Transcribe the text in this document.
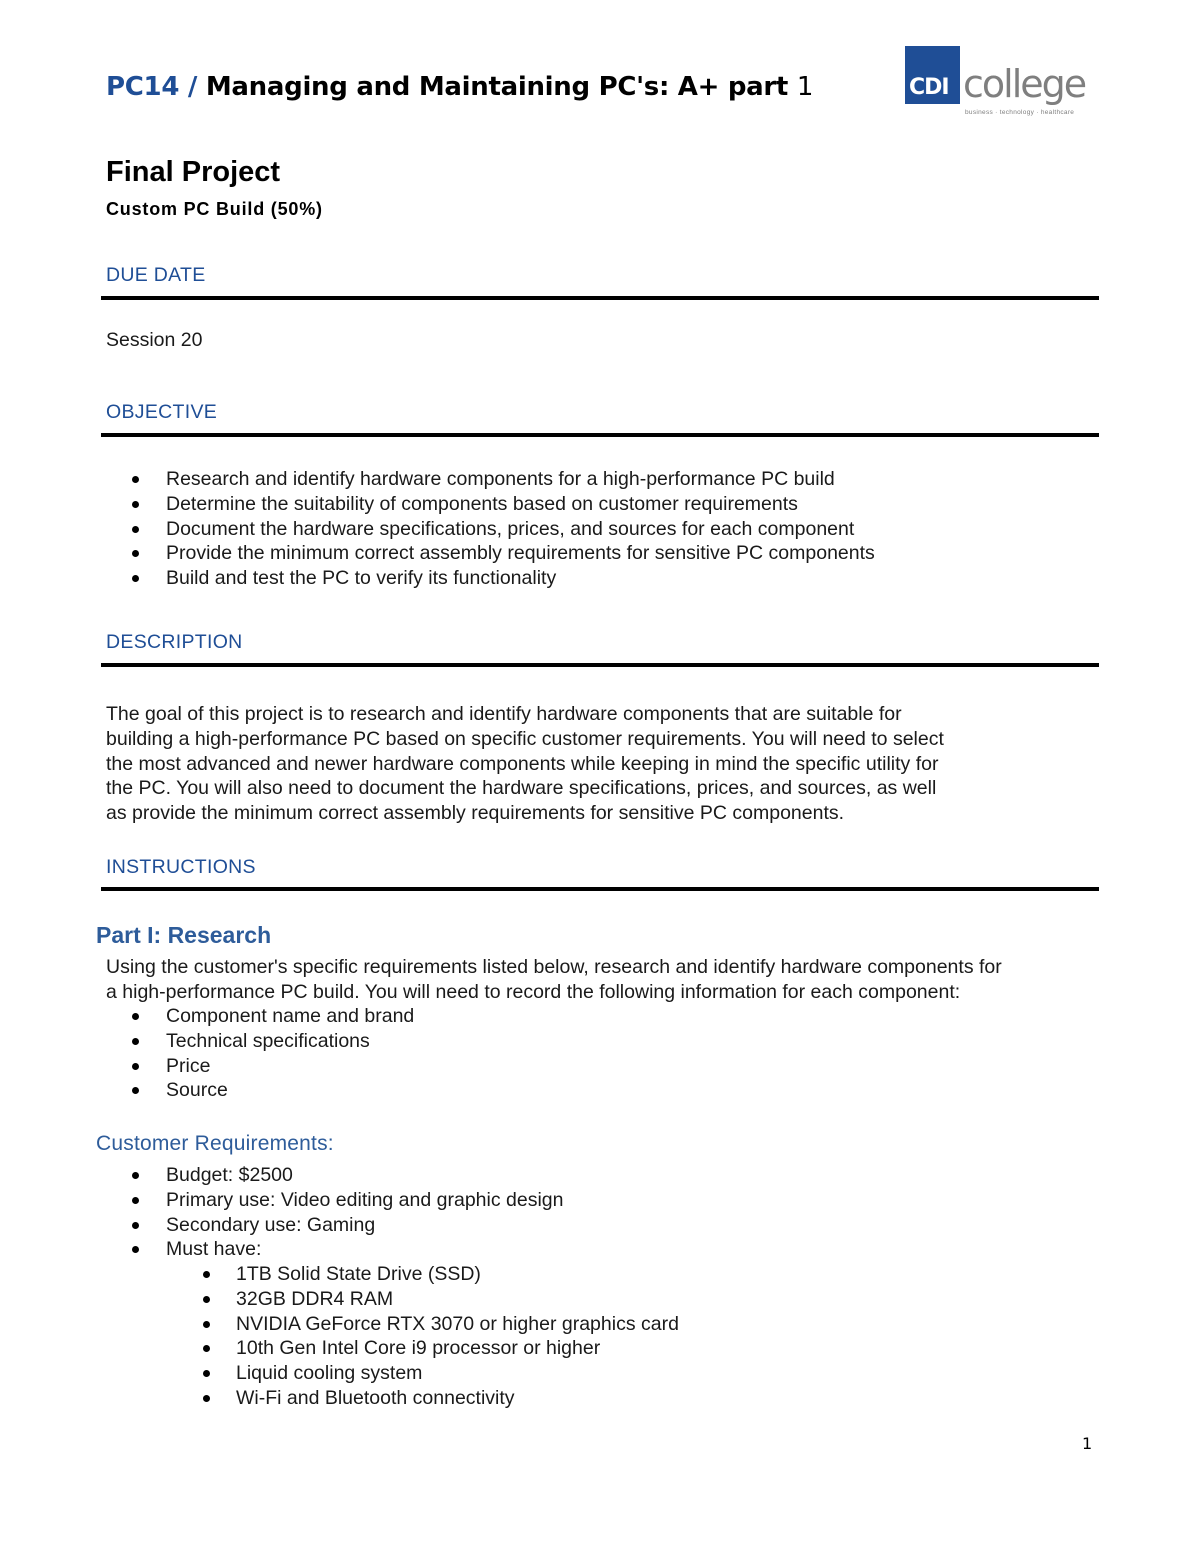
PC14 / Managing and Maintaining PC's: A+ part 1	CDI college
business · technology · healthcare
Final Project
Custom PC Build (50%)
DUE DATE
Session 20
OBJECTIVE
Research and identify hardware components for a high-performance PC build
Determine the suitability of components based on customer requirements
Document the hardware specifications, prices, and sources for each component
Provide the minimum correct assembly requirements for sensitive PC components
Build and test the PC to verify its functionality
DESCRIPTION
The goal of this project is to research and identify hardware components that are suitable for
building a high-performance PC based on specific customer requirements. You will need to select
the most advanced and newer hardware components while keeping in mind the specific utility for
the PC. You will also need to document the hardware specifications, prices, and sources, as well
as provide the minimum correct assembly requirements for sensitive PC components.
INSTRUCTIONS
Part I: Research
Using the customer's specific requirements listed below, research and identify hardware components for
a high-performance PC build. You will need to record the following information for each component:
Component name and brand
Technical specifications
Price
Source
Customer Requirements:
Budget: $2500
Primary use: Video editing and graphic design
Secondary use: Gaming
Must have:
1TB Solid State Drive (SSD)
32GB DDR4 RAM
NVIDIA GeForce RTX 3070 or higher graphics card
10th Gen Intel Core i9 processor or higher
Liquid cooling system
Wi-Fi and Bluetooth connectivity
1
